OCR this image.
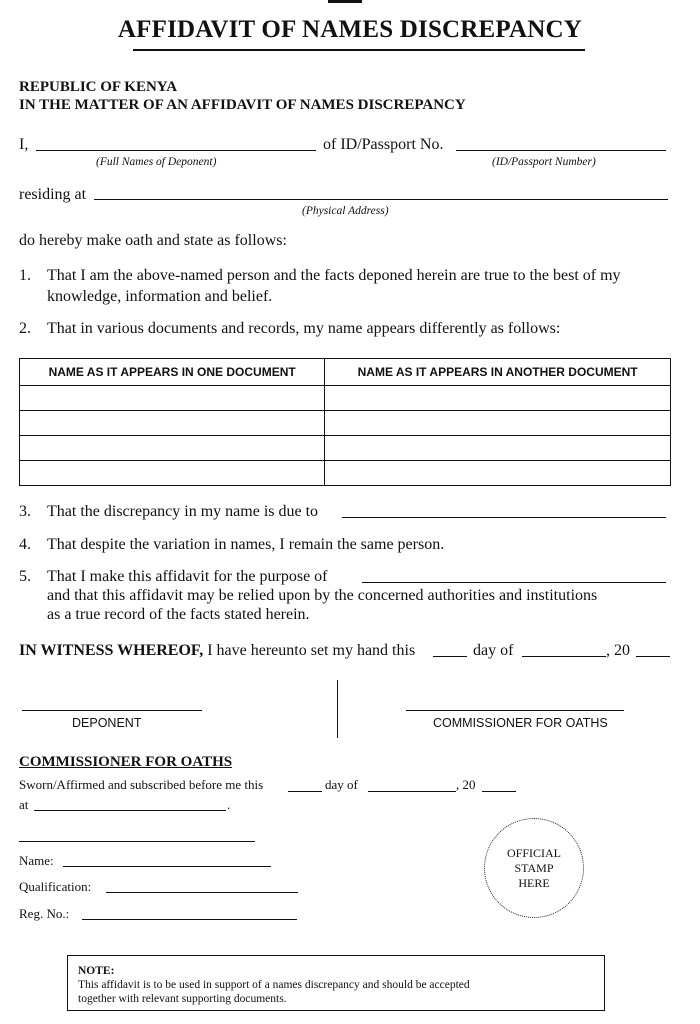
AFFIDAVIT OF NAMES DISCREPANCY
REPUBLIC OF KENYA
IN THE MATTER OF AN AFFIDAVIT OF NAMES DISCREPANCY
I,	of ID/Passport No.
(Full Names of Deponent)	(ID/Passport Number)
residing at
(Physical Address)
do hereby make oath and state as follows:
1. That I am the above-named person and the facts deponed herein are true to the best of my
knowledge, information and belief.
2. That in various documents and records, my name appears differently as follows:
NAME AS IT APPEARS IN ONE DOCUMENT	NAME AS IT APPEARS IN ANOTHER DOCUMENT

3. That the discrepancy in my name is due to
4. That despite the variation in names, I remain the same person.
5. That I make this affidavit for the purpose of
and that this affidavit may be relied upon by the concerned authorities and institutions
as a true record of the facts stated herein.
IN WITNESS WHEREOF, I have hereunto set my hand this	day of	, 20
DEPONENT	COMMISSIONER FOR OATHS
COMMISSIONER FOR OATHS
Sworn/Affirmed and subscribed before me this	day of	, 20
at	.
Name:
Qualification:
Reg. No.:
OFFICIAL
STAMP
HERE
NOTE:
This affidavit is to be used in support of a names discrepancy and should be accepted
together with relevant supporting documents.
